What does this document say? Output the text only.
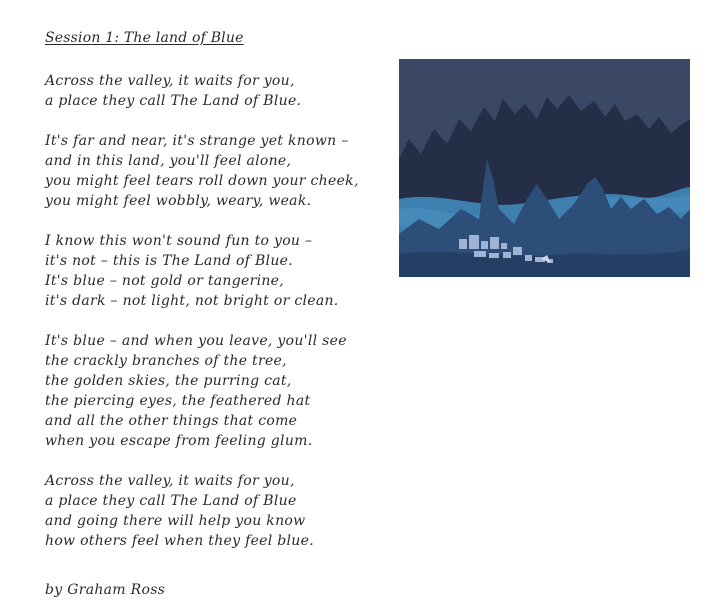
Session 1: The land of Blue
Across the valley, it waits for you,
a place they call The Land of Blue.
It's far and near, it's strange yet known –
and in this land, you'll feel alone,
you might feel tears roll down your cheek,
you might feel wobbly, weary, weak.
I know this won't sound fun to you –
it's not – this is The Land of Blue.
It's blue – not gold or tangerine,
it's dark – not light, not bright or clean.
It's blue – and when you leave, you'll see
the crackly branches of the tree,
the golden skies, the purring cat,
the piercing eyes, the feathered hat
and all the other things that come
when you escape from feeling glum.
Across the valley, it waits for you,
a place they call The Land of Blue
and going there will help you know
how others feel when they feel blue.
by Graham Ross
